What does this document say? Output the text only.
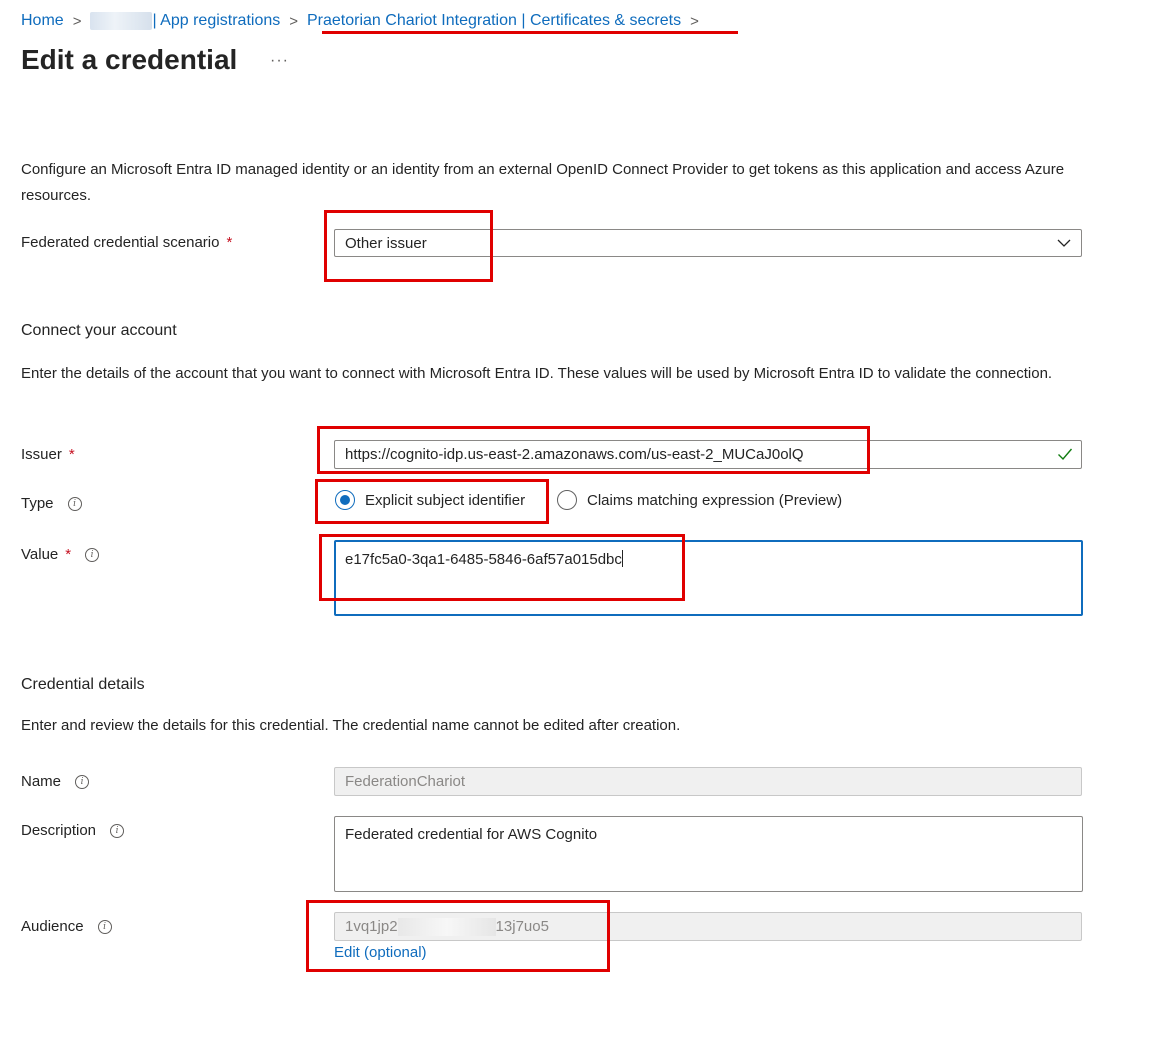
Home >	| App registrations > Praetorian Chariot Integration | Certificates & secrets >
Edit a credential ···
Configure an Microsoft Entra ID managed identity or an identity from an external OpenID Connect Provider to get tokens as this application and access Azure resources.
Federated credential scenario *	Other issuer
Connect your account
Enter the details of the account that you want to connect with Microsoft Entra ID. These values will be used by Microsoft Entra ID to validate the connection.
Issuer *	https://cognito-idp.us-east-2.amazonaws.com/us-east-2_MUCaJ0olQ
Type	i	Explicit subject identifier	Claims matching expression (Preview)
Value *	i	e17fc5a0-3qa1-6485-5846-6af57a015dbc
Credential details
Enter and review the details for this credential. The credential name cannot be edited after creation.
Name	i	FederationChariot
Description	i	Federated credential for AWS Cognito
Audience	i	1vq1jp2	13j7uo5
Edit (optional)
